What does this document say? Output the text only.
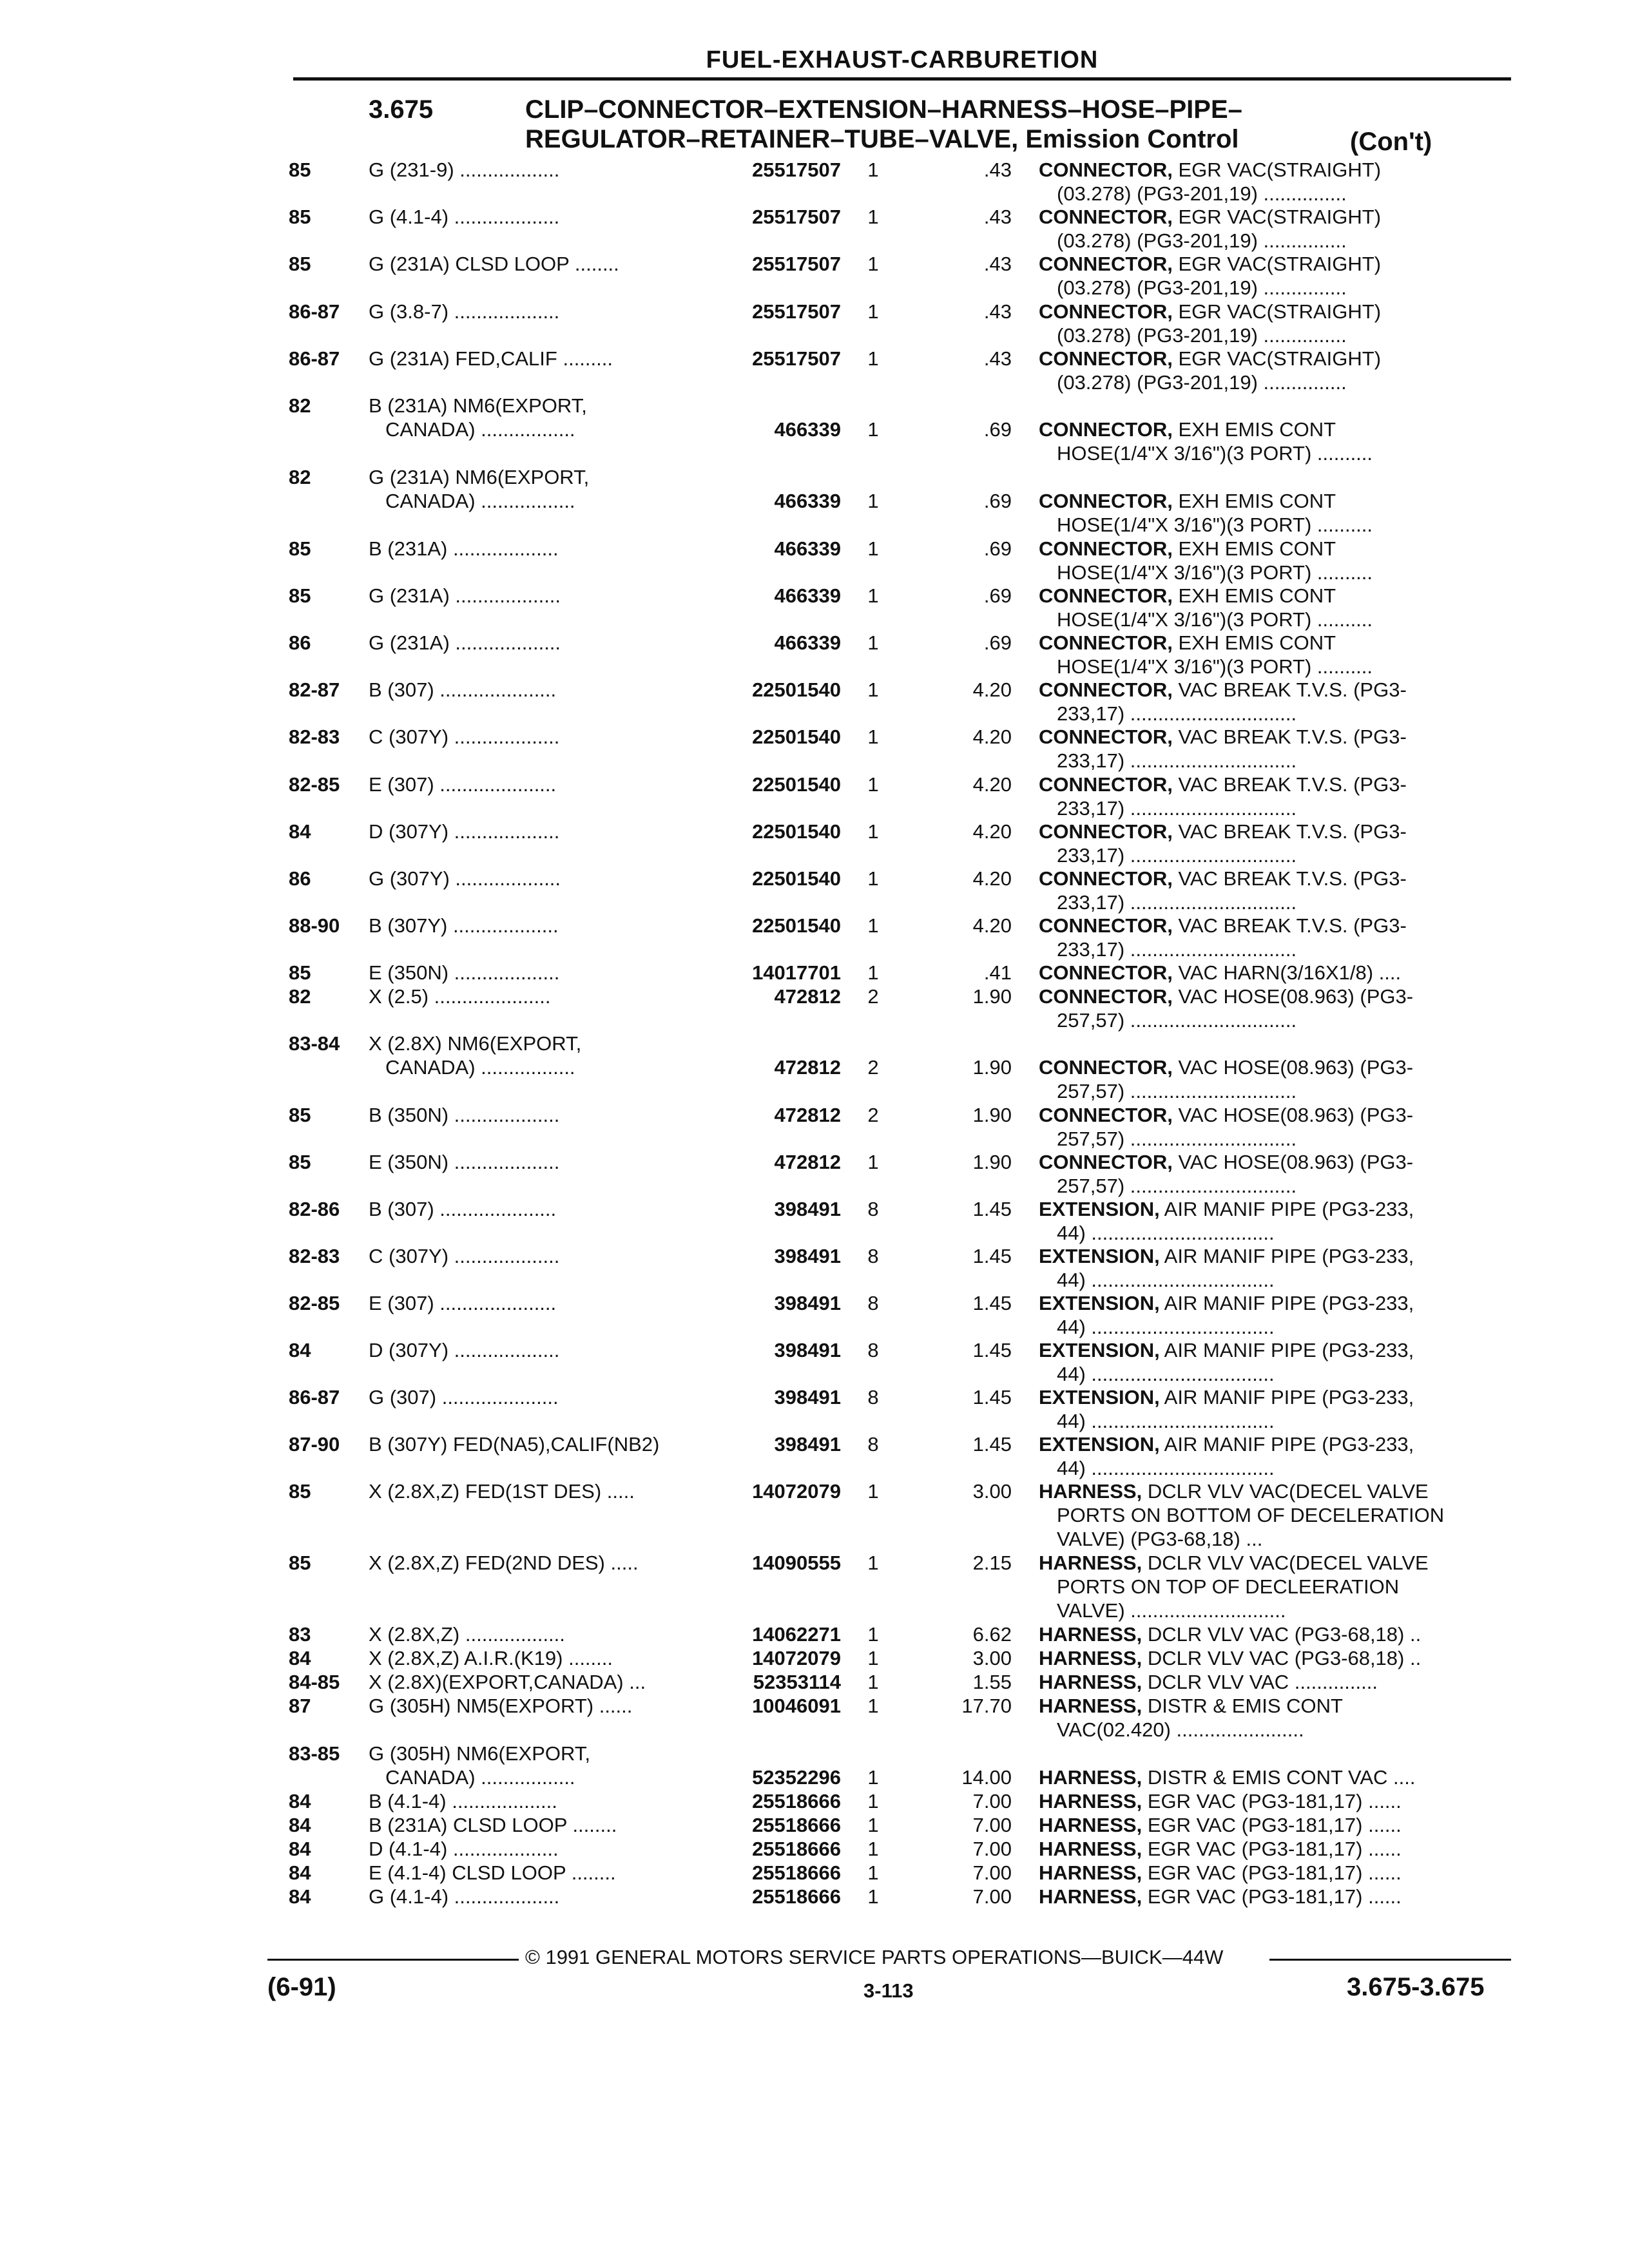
FUEL-EXHAUST-CARBURETION
3.675	CLIP–CONNECTOR–EXTENSION–HARNESS–HOSE–PIPE–
REGULATOR–RETAINER–TUBE–VALVE, Emission Control	(Con't)
85	G (231-9) ..................	25517507	1	.43 CONNECTOR, EGR VAC(STRAIGHT)
(03.278) (PG3-201,19) ...............
85	G (4.1-4) ...................	25517507	1	.43 CONNECTOR, EGR VAC(STRAIGHT)
(03.278) (PG3-201,19) ...............
85	G (231A) CLSD LOOP ........	25517507	1	.43 CONNECTOR, EGR VAC(STRAIGHT)
(03.278) (PG3-201,19) ...............
86-87	G (3.8-7) ...................	25517507	1	.43 CONNECTOR, EGR VAC(STRAIGHT)
(03.278) (PG3-201,19) ...............
86-87	G (231A) FED,CALIF .........	25517507	1	.43 CONNECTOR, EGR VAC(STRAIGHT)
(03.278) (PG3-201,19) ...............
82	B (231A) NM6(EXPORT,
CANADA) .................	466339	1	.69 CONNECTOR, EXH EMIS CONT
HOSE(1/4"X 3/16")(3 PORT) ..........
82	G (231A) NM6(EXPORT,
CANADA) .................	466339	1	.69 CONNECTOR, EXH EMIS CONT
HOSE(1/4"X 3/16")(3 PORT) ..........
85	B (231A) ...................	466339	1	.69 CONNECTOR, EXH EMIS CONT
HOSE(1/4"X 3/16")(3 PORT) ..........
85	G (231A) ...................	466339	1	.69 CONNECTOR, EXH EMIS CONT
HOSE(1/4"X 3/16")(3 PORT) ..........
86	G (231A) ...................	466339	1	.69 CONNECTOR, EXH EMIS CONT
HOSE(1/4"X 3/16")(3 PORT) ..........
82-87	B (307) .....................	22501540	1	4.20 CONNECTOR, VAC BREAK T.V.S. (PG3-
233,17) ..............................
82-83	C (307Y) ...................	22501540	1	4.20 CONNECTOR, VAC BREAK T.V.S. (PG3-
233,17) ..............................
82-85	E (307) .....................	22501540	1	4.20 CONNECTOR, VAC BREAK T.V.S. (PG3-
233,17) ..............................
84	D (307Y) ...................	22501540	1	4.20 CONNECTOR, VAC BREAK T.V.S. (PG3-
233,17) ..............................
86	G (307Y) ...................	22501540	1	4.20 CONNECTOR, VAC BREAK T.V.S. (PG3-
233,17) ..............................
88-90	B (307Y) ...................	22501540	1	4.20 CONNECTOR, VAC BREAK T.V.S. (PG3-
233,17) ..............................
85	E (350N) ...................	14017701	1	.41 CONNECTOR, VAC HARN(3/16X1/8) ....
82	X (2.5) .....................	472812	2	1.90 CONNECTOR, VAC HOSE(08.963) (PG3-
257,57) ..............................
83-84	X (2.8X) NM6(EXPORT,
CANADA) .................	472812	2	1.90 CONNECTOR, VAC HOSE(08.963) (PG3-
257,57) ..............................
85	B (350N) ...................	472812	2	1.90 CONNECTOR, VAC HOSE(08.963) (PG3-
257,57) ..............................
85	E (350N) ...................	472812	1	1.90 CONNECTOR, VAC HOSE(08.963) (PG3-
257,57) ..............................
82-86	B (307) .....................	398491	8	1.45 EXTENSION, AIR MANIF PIPE (PG3-233,
44) .................................
82-83	C (307Y) ...................	398491	8	1.45 EXTENSION, AIR MANIF PIPE (PG3-233,
44) .................................
82-85	E (307) .....................	398491	8	1.45 EXTENSION, AIR MANIF PIPE (PG3-233,
44) .................................
84	D (307Y) ...................	398491	8	1.45 EXTENSION, AIR MANIF PIPE (PG3-233,
44) .................................
86-87	G (307) .....................	398491	8	1.45 EXTENSION, AIR MANIF PIPE (PG3-233,
44) .................................
87-90	B (307Y) FED(NA5),CALIF(NB2)	398491	8	1.45 EXTENSION, AIR MANIF PIPE (PG3-233,
44) .................................
85	X (2.8X,Z) FED(1ST DES) .....	14072079	1	3.00 HARNESS, DCLR VLV VAC(DECEL VALVE
PORTS ON BOTTOM OF DECELERATION
VALVE) (PG3-68,18) ...
85	X (2.8X,Z) FED(2ND DES) .....	14090555	1	2.15 HARNESS, DCLR VLV VAC(DECEL VALVE
PORTS ON TOP OF DECLEERATION
VALVE) ............................
83	X (2.8X,Z) ..................	14062271	1	6.62 HARNESS, DCLR VLV VAC (PG3-68,18) ..
84	X (2.8X,Z) A.I.R.(K19) ........	14072079	1	3.00 HARNESS, DCLR VLV VAC (PG3-68,18) ..
84-85	X (2.8X)(EXPORT,CANADA) ...	52353114	1	1.55 HARNESS, DCLR VLV VAC ...............
87	G (305H) NM5(EXPORT) ......	10046091	1	17.70 HARNESS, DISTR & EMIS CONT
VAC(02.420) .......................
83-85	G (305H) NM6(EXPORT,
CANADA) .................	52352296	1	14.00 HARNESS, DISTR & EMIS CONT VAC ....
84	B (4.1-4) ...................	25518666	1	7.00 HARNESS, EGR VAC (PG3-181,17) ......
84	B (231A) CLSD LOOP ........	25518666	1	7.00 HARNESS, EGR VAC (PG3-181,17) ......
84	D (4.1-4) ...................	25518666	1	7.00 HARNESS, EGR VAC (PG3-181,17) ......
84	E (4.1-4) CLSD LOOP ........	25518666	1	7.00 HARNESS, EGR VAC (PG3-181,17) ......
84	G (4.1-4) ...................	25518666	1	7.00 HARNESS, EGR VAC (PG3-181,17) ......
© 1991 GENERAL MOTORS SERVICE PARTS OPERATIONS—BUICK—44W
(6-91)	3-113	3.675-3.675
